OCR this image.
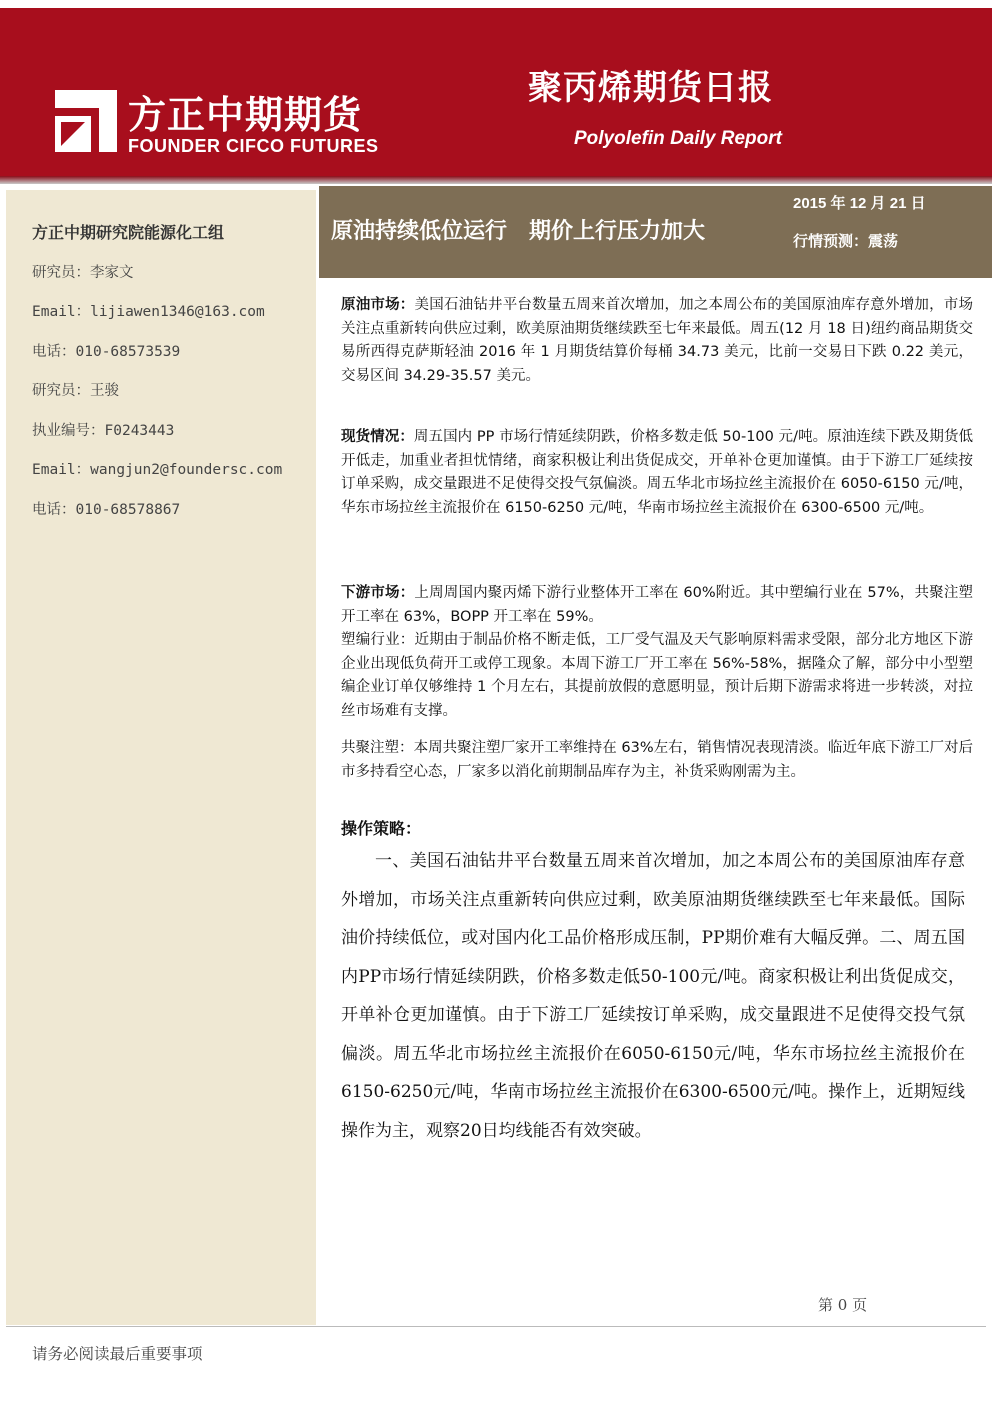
方正中期期货
FOUNDER CIFCO FUTURES
聚丙烯期货日报
Polyolefin Daily Report
方正中期研究院能源化工组
研究员：李家文
Email：lijiawen1346@163.com
电话：010-68573539
研究员：王骏
执业编号：F0243443
Email：wangjun2@foundersc.com
电话：010-68578867
原油持续低位运行　期价上行压力加大
2015 年 12 月 21 日
行情预测：震荡
原油市场：美国石油钻井平台数量五周来首次增加，加之本周公布的美国原油库存意外增加，市场关注点重新转向供应过剩，欧美原油期货继续跌至七年来最低。周五(12 月 18 日)纽约商品期货交易所西得克萨斯轻油 2016 年 1 月期货结算价每桶 34.73 美元，比前一交易日下跌 0.22 美元，交易区间 34.29-35.57 美元。
现货情况：周五国内 PP 市场行情延续阴跌，价格多数走低 50-100 元/吨。原油连续下跌及期货低开低走，加重业者担忧情绪，商家积极让利出货促成交，开单补仓更加谨慎。由于下游工厂延续按订单采购，成交量跟进不足使得交投气氛偏淡。周五华北市场拉丝主流报价在 6050-6150 元/吨，华东市场拉丝主流报价在 6150-6250 元/吨，华南市场拉丝主流报价在 6300-6500 元/吨。
下游市场：上周周国内聚丙烯下游行业整体开工率在 60%附近。其中塑编行业在 57%，共聚注塑开工率在 63%，BOPP 开工率在 59%。
塑编行业：近期由于制品价格不断走低，工厂受气温及天气影响原料需求受限，部分北方地区下游企业出现低负荷开工或停工现象。本周下游工厂开工率在 56%-58%，据隆众了解，部分中小型塑编企业订单仅够维持 1 个月左右，其提前放假的意愿明显，预计后期下游需求将进一步转淡，对拉丝市场难有支撑。
共聚注塑：本周共聚注塑厂家开工率维持在 63%左右，销售情况表现清淡。临近年底下游工厂对后市多持看空心态，厂家多以消化前期制品库存为主，补货采购刚需为主。
操作策略：
一、美国石油钻井平台数量五周来首次增加，加之本周公布的美国原油库存意外增加，市场关注点重新转向供应过剩，欧美原油期货继续跌至七年来最低。国际油价持续低位，或对国内化工品价格形成压制，PP期价难有大幅反弹。二、周五国内PP市场行情延续阴跌，价格多数走低50-100元/吨。商家积极让利出货促成交，开单补仓更加谨慎。由于下游工厂延续按订单采购，成交量跟进不足使得交投气氛偏淡。周五华北市场拉丝主流报价在6050-6150元/吨，华东市场拉丝主流报价在6150-6250元/吨，华南市场拉丝主流报价在6300-6500元/吨。操作上，近期短线操作为主，观察20日均线能否有效突破。
第 0 页
请务必阅读最后重要事项
